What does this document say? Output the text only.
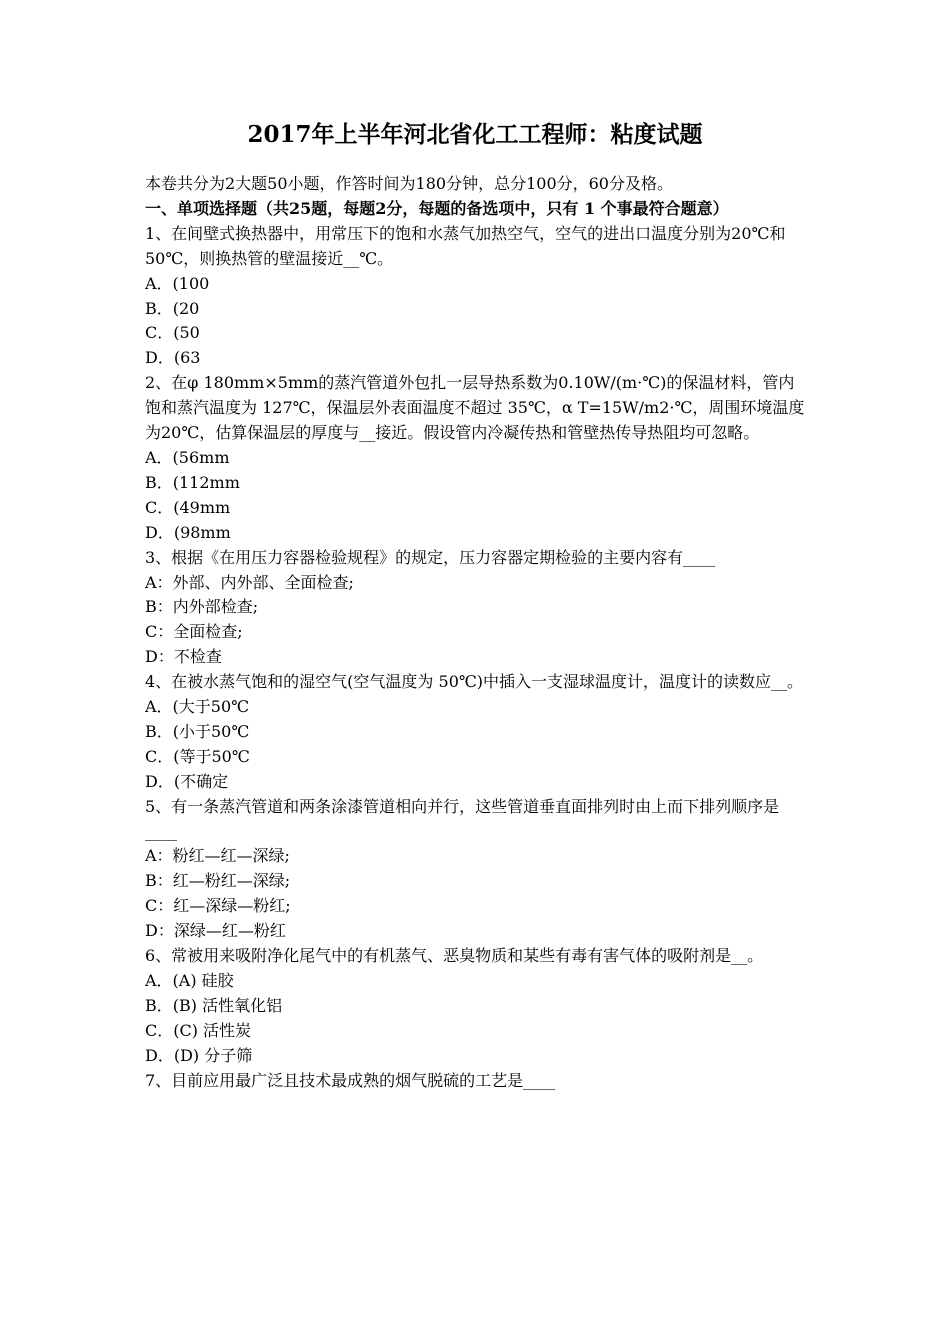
2017年上半年河北省化工工程师：粘度试题
本卷共分为2大题50小题，作答时间为180分钟，总分100分，60分及格。
一、单项选择题（共25题，每题2分，每题的备选项中，只有 1 个事最符合题意）
1、在间壁式换热器中，用常压下的饱和水蒸气加热空气，空气的进出口温度分别为20℃和50℃，则换热管的壁温接近__℃。
A．(100
B．(20
C．(50
D．(63
2、在φ 180mm×5mm的蒸汽管道外包扎一层导热系数为0.10W/(m·℃)的保温材料，管内饱和蒸汽温度为 127℃，保温层外表面温度不超过 35℃，α T=15W/m2·℃，周围环境温度为20℃，估算保温层的厚度与__接近。假设管内冷凝传热和管壁热传导热阻均可忽略。
A．(56mm
B．(112mm
C．(49mm
D．(98mm
3、根据《在用压力容器检验规程》的规定，压力容器定期检验的主要内容有____
A：外部、内外部、全面检查;
B：内外部检查;
C：全面检查;
D：不检查
4、在被水蒸气饱和的湿空气(空气温度为 50℃)中插入一支湿球温度计，温度计的读数应__。
A．(大于50℃
B．(小于50℃
C．(等于50℃
D．(不确定
5、有一条蒸汽管道和两条涂漆管道相向并行，这些管道垂直面排列时由上而下排列顺序是____
A：粉红—红—深绿;
B：红—粉红—深绿;
C：红—深绿—粉红;
D：深绿—红—粉红
6、常被用来吸附净化尾气中的有机蒸气、恶臭物质和某些有毒有害气体的吸附剂是__。
A．(A) 硅胶
B．(B) 活性氧化铝
C．(C) 活性炭
D．(D) 分子筛
7、目前应用最广泛且技术最成熟的烟气脱硫的工艺是____
